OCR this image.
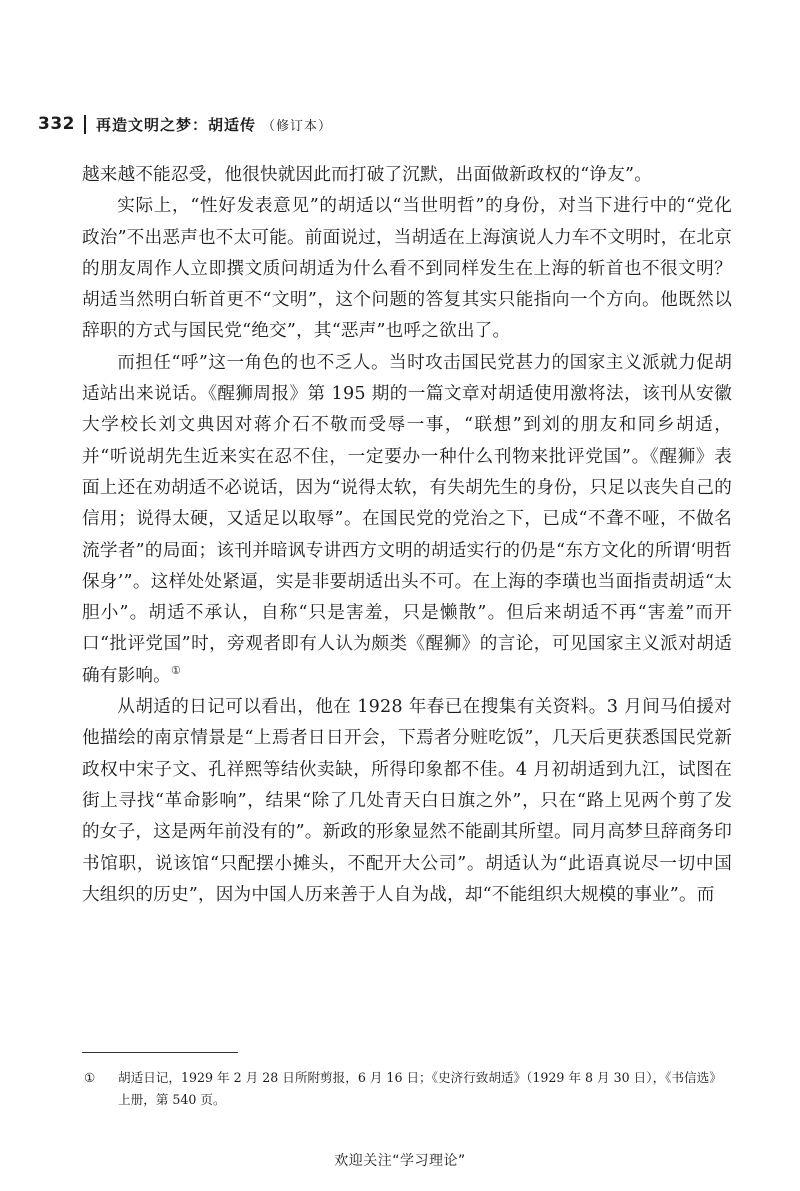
332 再造文明之梦：胡适传 （修订本）

越来越不能忍受，他很快就因此而打破了沉默，出面做新政权的“诤友”。

实际上，“性好发表意见”的胡适以“当世明哲”的身份，对当下进行中的“党化政治”不出恶声也不太可能。前面说过，当胡适在上海演说人力车不文明时，在北京的朋友周作人立即撰文质问胡适为什么看不到同样发生在上海的斩首也不很文明？胡适当然明白斩首更不“文明”，这个问题的答复其实只能指向一个方向。他既然以辞职的方式与国民党“绝交”，其“恶声”也呼之欲出了。

而担任“呼”这一角色的也不乏人。当时攻击国民党甚力的国家主义派就力促胡适站出来说话。《醒狮周报》第 195 期的一篇文章对胡适使用激将法，该刊从安徽大学校长刘文典因对蒋介石不敬而受辱一事，“联想”到刘的朋友和同乡胡适，并“听说胡先生近来实在忍不住，一定要办一种什么刊物来批评党国”。《醒狮》表面上还在劝胡适不必说话，因为“说得太软，有失胡先生的身份，只足以丧失自己的信用；说得太硬，又适足以取辱”。在国民党的党治之下，已成“不聋不哑，不做名流学者”的局面；该刊并暗讽专讲西方文明的胡适实行的仍是“东方文化的所谓‘明哲保身’”。这样处处紧逼，实是非要胡适出头不可。在上海的李璜也当面指责胡适“太胆小”。胡适不承认，自称“只是害羞，只是懒散”。但后来胡适不再“害羞”而开口“批评党国”时，旁观者即有人认为颇类《醒狮》的言论，可见国家主义派对胡适确有影响。①

从胡适的日记可以看出，他在 1928 年春已在搜集有关资料。3 月间马伯援对他描绘的南京情景是“上焉者日日开会，下焉者分赃吃饭”，几天后更获悉国民党新政权中宋子文、孔祥熙等结伙卖缺，所得印象都不佳。4 月初胡适到九江，试图在街上寻找“革命影响”，结果“除了几处青天白日旗之外”，只在“路上见两个剪了发的女子，这是两年前没有的”。新政的形象显然不能副其所望。同月高梦旦辞商务印书馆职，说该馆“只配摆小摊头，不配开大公司”。胡适认为“此语真说尽一切中国大组织的历史”，因为中国人历来善于人自为战，却“不能组织大规模的事业”。而

①	胡适日记，1929 年 2 月 28 日所附剪报，6 月 16 日；《史济行致胡适》（1929 年 8 月 30 日），《书信选》上册，第 540 页。
欢迎关注“学习理论”
